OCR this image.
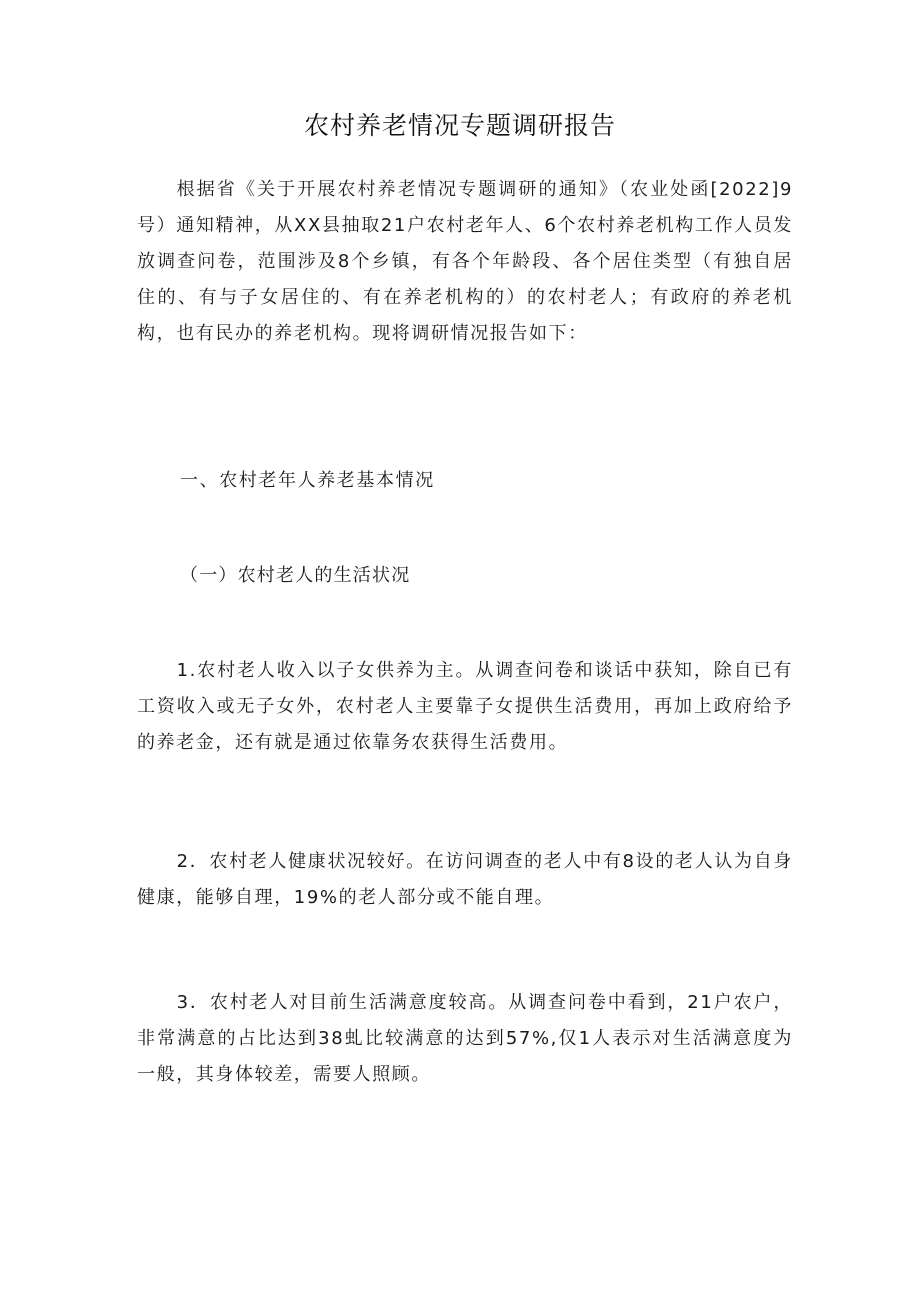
农村养老情况专题调研报告

根据省《关于开展农村养老情况专题调研的通知》（农业处函[2022]9号）通知精神，从XX县抽取21户农村老年人、6个农村养老机构工作人员发放调查问卷，范围涉及8个乡镇，有各个年龄段、各个居住类型（有独自居住的、有与子女居住的、有在养老机构的）的农村老人；有政府的养老机构，也有民办的养老机构。现将调研情况报告如下：

一、农村老年人养老基本情况
（一）农村老人的生活状况

1.农村老人收入以子女供养为主。从调查问卷和谈话中获知，除自已有工资收入或无子女外，农村老人主要靠子女提供生活费用，再加上政府给予的养老金，还有就是通过依靠务农获得生活费用。

2．农村老人健康状况较好。在访问调查的老人中有8设的老人认为自身健康，能够自理，19%的老人部分或不能自理。

3．农村老人对目前生活满意度较高。从调查问卷中看到，21户农户，非常满意的占比达到38虬比较满意的达到57%,仅1人表示对生活满意度为一般，其身体较差，需要人照顾。
